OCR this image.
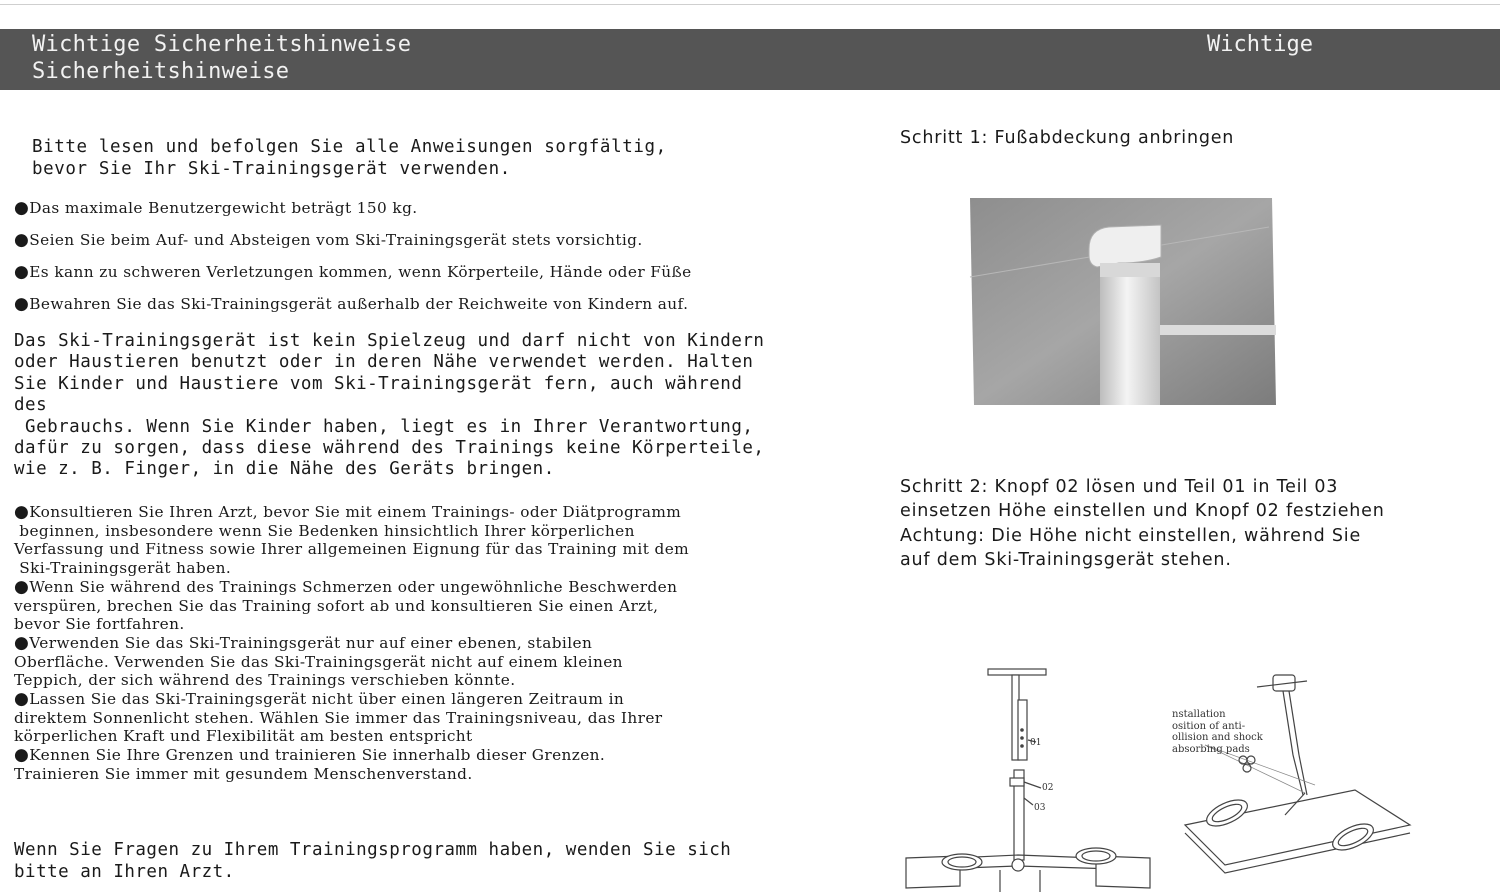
Wichtige Sicherheitshinweise Sicherheitshinweise
Wichtige
Bitte lesen und befolgen Sie alle Anweisungen sorgfältig,
bevor Sie Ihr Ski-Trainingsgerät verwenden.
●Das maximale Benutzergewicht beträgt 150 kg.
●Seien Sie beim Auf- und Absteigen vom Ski-Trainingsgerät stets vorsichtig.
●Es kann zu schweren Verletzungen kommen, wenn Körperteile, Hände oder Füße
●Bewahren Sie das Ski-Trainingsgerät außerhalb der Reichweite von Kindern auf.
Das Ski-Trainingsgerät ist kein Spielzeug und darf nicht von Kindern
oder Haustieren benutzt oder in deren Nähe verwendet werden. Halten
Sie Kinder und Haustiere vom Ski-Trainingsgerät fern, auch während des
Gebrauchs. Wenn Sie Kinder haben, liegt es in Ihrer Verantwortung,
dafür zu sorgen, dass diese während des Trainings keine Körperteile,
wie z. B. Finger, in die Nähe des Geräts bringen.
●Konsultieren Sie Ihren Arzt, bevor Sie mit einem Trainings- oder Diätprogramm
beginnen, insbesondere wenn Sie Bedenken hinsichtlich Ihrer körperlichen
Verfassung und Fitness sowie Ihrer allgemeinen Eignung für das Training mit dem
Ski-Trainingsgerät haben.
●Wenn Sie während des Trainings Schmerzen oder ungewöhnliche Beschwerden
verspüren, brechen Sie das Training sofort ab und konsultieren Sie einen Arzt,
bevor Sie fortfahren.
●Verwenden Sie das Ski-Trainingsgerät nur auf einer ebenen, stabilen
Oberfläche. Verwenden Sie das Ski-Trainingsgerät nicht auf einem kleinen
Teppich, der sich während des Trainings verschieben könnte.
●Lassen Sie das Ski-Trainingsgerät nicht über einen längeren Zeitraum in
direktem Sonnenlicht stehen. Wählen Sie immer das Trainingsniveau, das Ihrer
körperlichen Kraft und Flexibilität am besten entspricht
●Kennen Sie Ihre Grenzen und trainieren Sie innerhalb dieser Grenzen.
Trainieren Sie immer mit gesundem Menschenverstand.
Wenn Sie Fragen zu Ihrem Trainingsprogramm haben, wenden Sie sich
bitte an Ihren Arzt.
Schritt 1: Fußabdeckung anbringen
Schritt 2: Knopf 02 lösen und Teil 01 in Teil 03
einsetzen Höhe einstellen und Knopf 02 festziehen
Achtung: Die Höhe nicht einstellen, während Sie
auf dem Ski-Trainingsgerät stehen.
01
02
03
nstallation
osition of anti-
ollision and shock
absorbing pads
